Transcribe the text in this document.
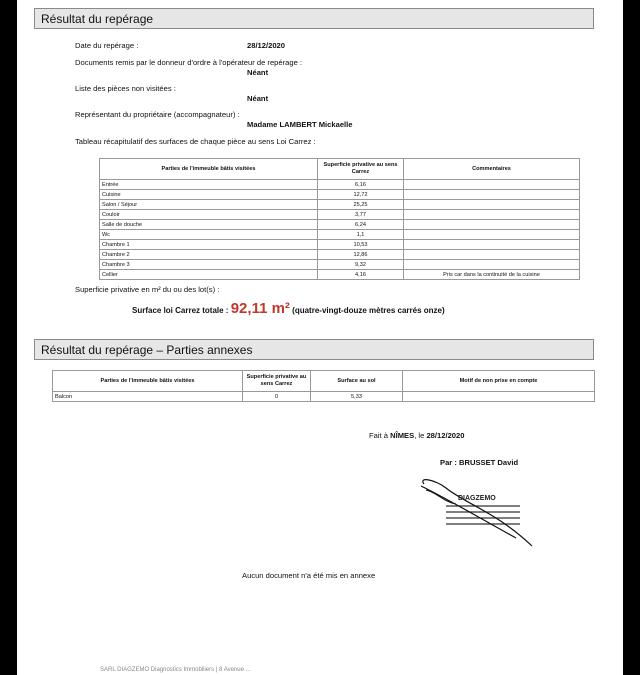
Résultat du repérage
Date du repérage :	28/12/2020
Documents remis par le donneur d'ordre à l'opérateur de repérage :
Néant
Liste des pièces non visitées :
Néant
Représentant du propriétaire (accompagnateur) :
Madame LAMBERT Mickaelle
Tableau récapitulatif des surfaces de chaque pièce au sens Loi Carrez :
Parties de l'immeuble bâtis visitées	Superficie privative au sens Carrez	Commentaires
Entrée	6,16	
Cuisine	12,72	
Salon / Séjour	25,25	
Couloir	3,77	
Salle de douche	6,24	
Wc	1,1	
Chambre 1	10,53	
Chambre 2	12,86	
Chambre 3	9,32	
Cellier	4,16	Pris car dans la continuité de la cuisine
Superficie privative en m² du ou des lot(s) :
Surface loi Carrez totale : 92,11 m² (quatre-vingt-douze mètres carrés onze)
Résultat du repérage – Parties annexes
Parties de l'immeuble bâtis visitées	Superficie privative au sens Carrez	Surface au sol	Motif de non prise en compte
Balcon	0	5,33	
Fait à NÎMES, le 28/12/2020
Par : BRUSSET David
DIAGZEMO
Aucun document n'a été mis en annexe
SARL DIAGZEMO Diagnostics Immobiliers | 8 Avenue ...
